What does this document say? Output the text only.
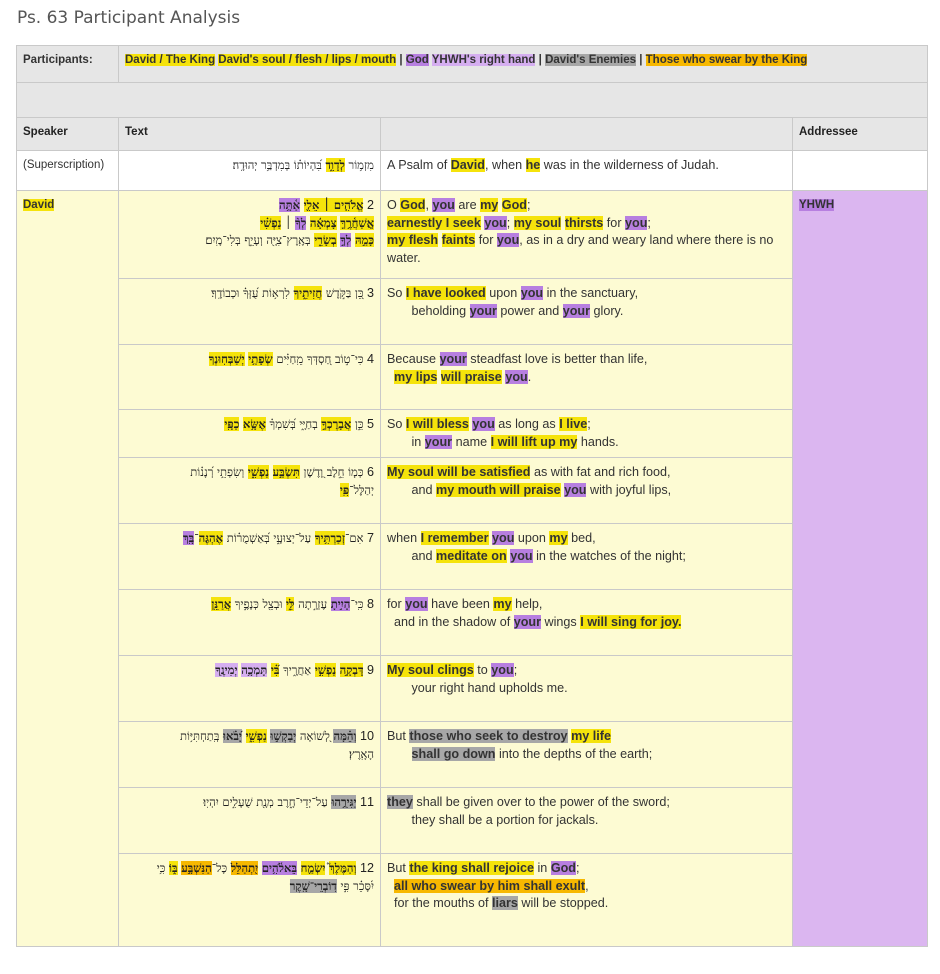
Ps. 63 Participant Analysis
Participants:	David / The King David's soul / flesh / lips / mouth | God YHWH's right hand | David's Enemies | Those who swear by the King		

Speaker	Text		Addressee
(Superscription)	מִזְמ֥וֹר לְדָוִ֑ד בִּ֝הְיוֹת֗וֹ בְּמִדְבַּ֥ר יְהוּדָֽה׃	A Psalm of David, when he was in the wilderness of Judah.	
David	2 אֱלֹהִ֤ים ׀ אֵלִ֪י אַ֫תָּ֥ה
אֲֽשַׁחֲ֫רֶ֥ךָּ צָמְאָ֬ה לְךָ֨ ׀ נַפְשִׁ֗י
כָּמַ֣הּ לְךָ֣ בְשָׂרִ֑י בְּאֶֽרֶץ־צִיָּ֖ה וְעָיֵ֣ף בְּלִי־מָֽיִם׃	O God, you are my God;
earnestly I seek you; my soul thirsts for you;
my flesh faints for you, as in a dry and weary land where there is no water.	YHWH
	3 כֵּ֭ן בַּקֹּ֣דֶשׁ חֲזִיתִ֑יךָ לִרְא֥וֹת עֻ֝זְּךָ֗ וּכְבוֹדֶֽךָ׃	So I have looked upon you in the sanctuary,
beholding your power and your glory.	
	4 כִּי־ט֣וֹב חַ֭סְדְּךָ מֵֽחַיִּ֗ים שְׂפָתַ֥י יְשַׁבְּחֽוּנְךָ	Because your steadfast love is better than life,
my lips will praise you.	
	5 כֵּ֣ן אֲבָרֶכְךָ֣ בְחַיָּ֑י בְּ֝שִׁמְךָ֗ אֶשָּׂ֥א כַפָּֽי	So I will bless you as long as I live;
in your name I will lift up my hands.	
	6 כְּמ֤וֹ חֵ֣לֶב וָ֭דֶשֶׁן תִּשְׂבַּ֣ע נַפְשִׁ֑י וְשִׂפְתֵ֥י רְ֝נָנ֗וֹת
יְהַלֶּל־פִּֽי	My soul will be satisfied as with fat and rich food,
and my mouth will praise you with joyful lips,	
	7 אִם־זְכַרְתִּ֥יךָ עַל־יְצוּעָ֑י בְּ֝אַשְׁמֻר֗וֹת אֶהְגֶּה־בָּֽךְ	when I remember you upon my bed,
and meditate on you in the watches of the night;	
	8 כִּֽי־הָיִ֣יתָ עֶזְרָ֣תָה לִּ֑י וּבְצֵ֖ל כְּנָפֶ֣יךָ אֲרַנֵּֽן	for you have been my help,
and in the shadow of your wings I will sing for joy.	
	9 דָּבְקָ֣ה נַפְשִׁ֣י אַחֲרֶ֑יךָ בִּ֝֗י תָּמְכָ֥ה יְמִינֶֽךָ	My soul clings to you;
your right hand upholds me.	
	10 וְהֵ֗מָּה לְ֭שׁוֹאָה יְבַקְשׁ֣וּ נַפְשִׁ֑י יָ֝בֹ֗אוּ בְּֽתַחְתִּיּ֥וֹת
הָאָֽרֶץ׃	But those who seek to destroy my life
shall go down into the depths of the earth;	
	11 יַגִּירֻ֥הוּ עַל־יְדֵי־חָ֑רֶב מְנָ֖ת שֻׁעָלִ֣ים יִהְיֽוּ׃	they shall be given over to the power of the sword;
they shall be a portion for jackals.	
	12 וְהַמֶּלֶךְ֮ יִשְׂמַ֪ח בֵּאלֹ֫הִ֥ים יִ֭תְהַלֵּל כָּל־הַנִּשְׁבָּ֣ע בּ֑וֹ כִּ֥י
יִ֝סָּכֵ֗ר פִּ֣י דֽוֹבְרֵי־שָֽׁקֶר	But the king shall rejoice in God;
all who swear by him shall exult,
for the mouths of liars will be stopped.	
